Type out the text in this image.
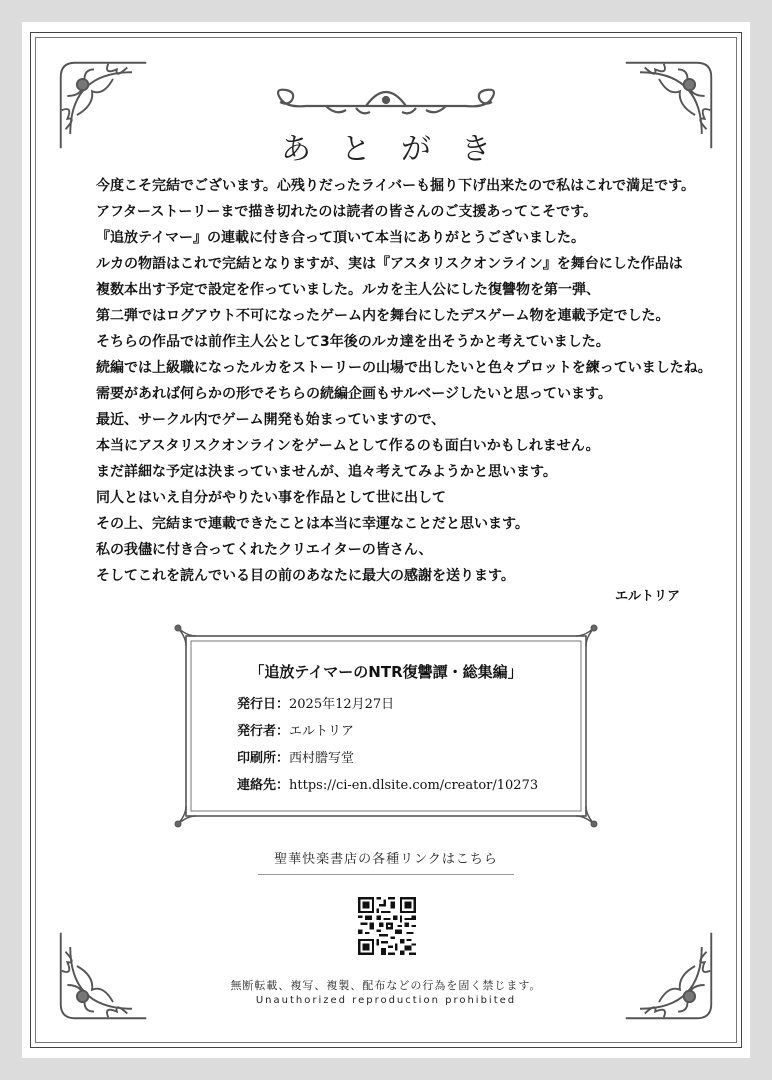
あとがき
今度こそ完結でございます。心残りだったライバーも掘り下げ出来たので私はこれで満足です。
アフターストーリーまで描き切れたのは読者の皆さんのご支援あってこそです。
『追放テイマー』の連載に付き合って頂いて本当にありがとうございました。
ルカの物語はこれで完結となりますが、実は『アスタリスクオンライン』を舞台にした作品は
複数本出す予定で設定を作っていました。ルカを主人公にした復讐物を第一弾、
第二弾ではログアウト不可になったゲーム内を舞台にしたデスゲーム物を連載予定でした。
そちらの作品では前作主人公として3年後のルカ達を出そうかと考えていました。
続編では上級職になったルカをストーリーの山場で出したいと色々プロットを練っていましたね。
需要があれば何らかの形でそちらの続編企画もサルベージしたいと思っています。
最近、サークル内でゲーム開発も始まっていますので、
本当にアスタリスクオンラインをゲームとして作るのも面白いかもしれません。
まだ詳細な予定は決まっていませんが、追々考えてみようかと思います。
同人とはいえ自分がやりたい事を作品として世に出して
その上、完結まで連載できたことは本当に幸運なことだと思います。
私の我儘に付き合ってくれたクリエイターの皆さん、
そしてこれを読んでいる目の前のあなたに最大の感謝を送ります。
エルトリア
「追放テイマーのNTR復讐譚・総集編」
発行日：2025年12月27日
発行者：エルトリア
印刷所：西村謄写堂
連絡先：https://ci-en.dlsite.com/creator/10273
聖華快楽書店の各種リンクはこちら
無断転載、複写、複製、配布などの行為を固く禁じます。
Unauthorized reproduction prohibited
